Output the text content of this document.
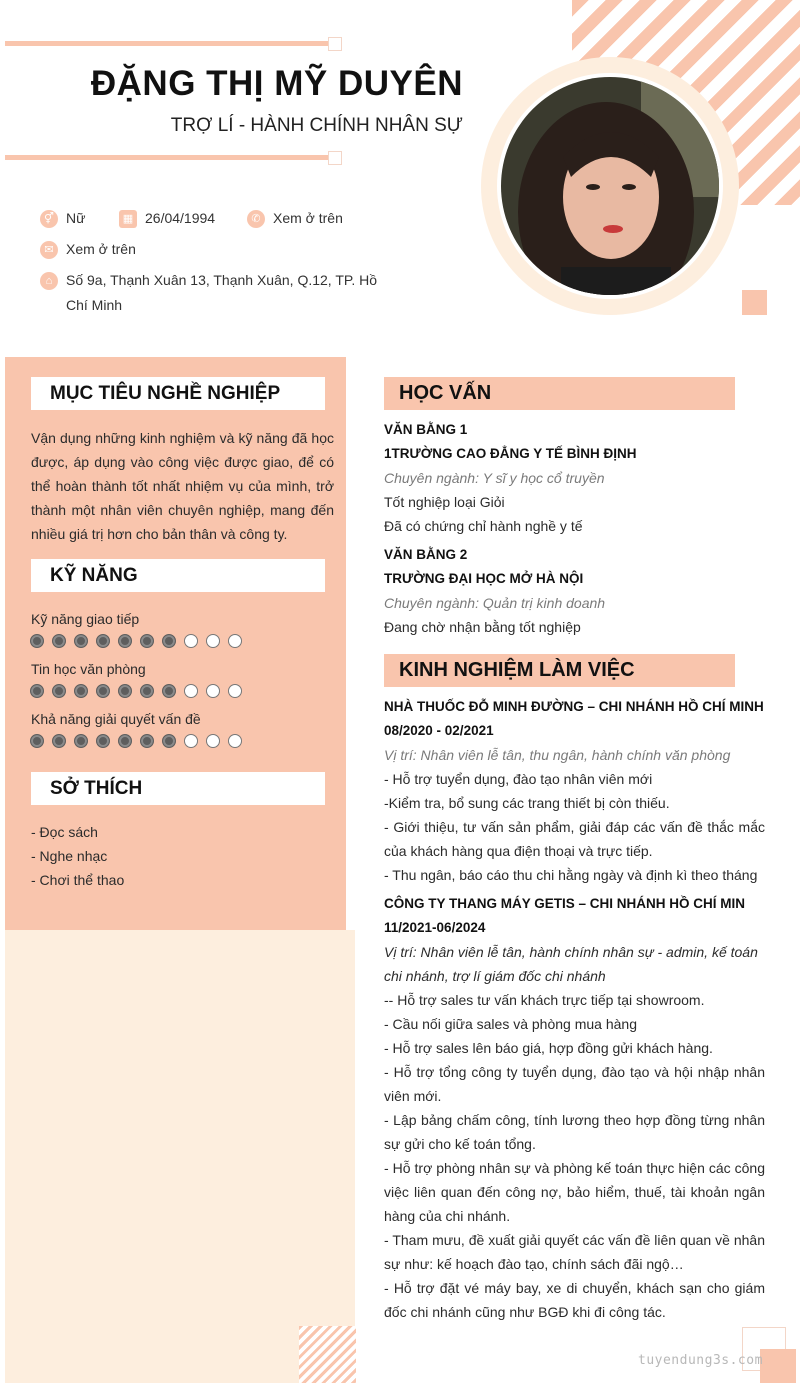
ĐẶNG THỊ MỸ DUYÊN
TRỢ LÍ - HÀNH CHÍNH NHÂN SỰ
⚥ Nữ	▦ 26/04/1994	✆ Xem ở trên
✉ Xem ở trên
⌂ Số 9a, Thạnh Xuân 13, Thạnh Xuân, Q.12, TP. Hồ
Chí Minh
MỤC TIÊU NGHỀ NGHIỆP
Vận dụng những kinh nghiệm và kỹ năng đã học được, áp dụng vào công việc được giao, để có thể hoàn thành tốt nhất nhiệm vụ của mình, trở thành một nhân viên chuyên nghiệp, mang đến nhiều giá trị hơn cho bản thân và công ty.
KỸ NĂNG
Kỹ năng giao tiếp
Tin học văn phòng
Khả năng giải quyết vấn đề
SỞ THÍCH
- Đọc sách
- Nghe nhạc
- Chơi thể thao
HỌC VẤN
VĂN BẰNG 1
1TRƯỜNG CAO ĐẲNG Y TẾ BÌNH ĐỊNH
Chuyên ngành: Y sĩ y học cổ truyền
Tốt nghiệp loại Giỏi
Đã có chứng chỉ hành nghề y tế
VĂN BẰNG 2
TRƯỜNG ĐẠI HỌC MỞ HÀ NỘI
Chuyên ngành: Quản trị kinh doanh
Đang chờ nhận bằng tốt nghiệp
KINH NGHIỆM LÀM VIỆC
NHÀ THUỐC ĐỖ MINH ĐƯỜNG – CHI NHÁNH HỒ CHÍ MINH
08/2020 - 02/2021
Vị trí: Nhân viên lễ tân, thu ngân, hành chính văn phòng
- Hỗ trợ tuyển dụng, đào tạo nhân viên mới
-Kiểm tra, bổ sung các trang thiết bị còn thiếu.
- Giới thiệu, tư vấn sản phẩm, giải đáp các vấn đề thắc mắc của khách hàng qua điện thoại và trực tiếp.
- Thu ngân, báo cáo thu chi hằng ngày và định kì theo tháng
CÔNG TY THANG MÁY GETIS – CHI NHÁNH HỒ CHÍ MIN
11/2021-06/2024
Vị trí: Nhân viên lễ tân, hành chính nhân sự - admin, kế toán chi nhánh, trợ lí giám đốc chi nhánh
-- Hỗ trợ sales tư vấn khách trực tiếp tại showroom.
- Cầu nối giữa sales và phòng mua hàng
- Hỗ trợ sales lên báo giá, hợp đồng gửi khách hàng.
- Hỗ trợ tổng công ty tuyển dụng, đào tạo và hội nhập nhân viên mới.
- Lập bảng chấm công, tính lương theo hợp đồng từng nhân sự gửi cho kế toán tổng.
- Hỗ trợ phòng nhân sự và phòng kế toán thực hiện các công việc liên quan đến công nợ, bảo hiểm, thuế, tài khoản ngân hàng của chi nhánh.
- Tham mưu, đề xuất giải quyết các vấn đề liên quan về nhân sự như: kế hoạch đào tạo, chính sách đãi ngộ…
- Hỗ trợ đặt vé máy bay, xe di chuyển, khách sạn cho giám đốc chi nhánh cũng như BGĐ khi đi công tác.
tuyendung3s.com
